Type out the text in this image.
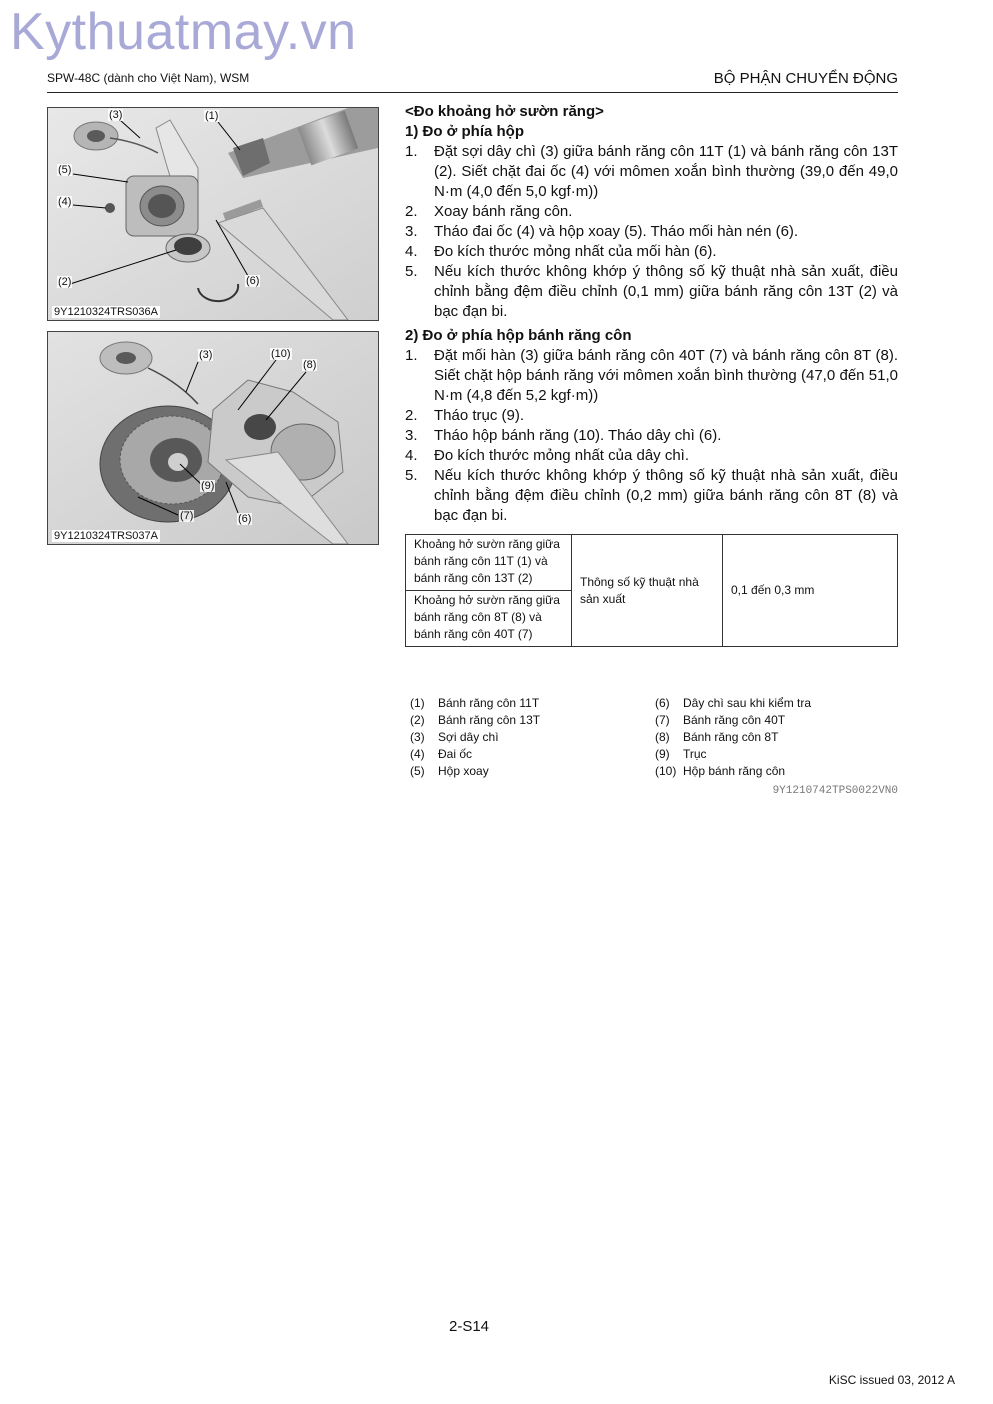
Kythuatmay.vn
SPW-48C (dành cho Việt Nam), WSM	BỘ PHẬN CHUYỂN ĐỘNG
(3)	(1)
(5)
(4)
(2)	(6)
9Y1210324TRS036A
(3)	(10)
(8)
(9)
(7)	(6)
9Y1210324TRS037A
<Đo khoảng hở sườn răng>
1) Đo ở phía hộp
1. Đặt sợi dây chì (3) giữa bánh răng côn 11T (1) và bánh răng côn 13T (2). Siết chặt đai ốc (4) với mômen xoắn bình thường (39,0 đến 49,0 N·m (4,0 đến 5,0 kgf·m))
2. Xoay bánh răng côn.
3. Tháo đai ốc (4) và hộp xoay (5). Tháo mối hàn nén (6).
4. Đo kích thước mỏng nhất của mối hàn (6).
5. Nếu kích thước không khớp ý thông số kỹ thuật nhà sản xuất, điều chỉnh bằng đệm điều chỉnh (0,1 mm) giữa bánh răng côn 13T (2) và bạc đạn bi.
2) Đo ở phía hộp bánh răng côn
1. Đặt mối hàn (3) giữa bánh răng côn 40T (7) và bánh răng côn 8T (8). Siết chặt hộp bánh răng với mômen xoắn bình thường (47,0 đến 51,0 N·m (4,8 đến 5,2 kgf·m))
2. Tháo trục (9).
3. Tháo hộp bánh răng (10). Tháo dây chì (6).
4. Đo kích thước mỏng nhất của dây chì.
5. Nếu kích thước không khớp ý thông số kỹ thuật nhà sản xuất, điều chỉnh bằng đệm điều chỉnh (0,2 mm) giữa bánh răng côn 8T (8) và bạc đạn bi.
Khoảng hở sườn răng giữa bánh răng côn 11T (1) và bánh răng côn 13T (2)	Thông số kỹ thuật nhà sản xuất	0,1 đến 0,3 mm
Khoảng hở sườn răng giữa bánh răng côn 8T (8) và bánh răng côn 40T (7)
(1) Bánh răng côn 11T
(2) Bánh răng côn 13T
(3) Sợi dây chì
(4) Đai ốc
(5) Hộp xoay
(6) Dây chì sau khi kiểm tra
(7) Bánh răng côn 40T
(8) Bánh răng côn 8T
(9) Trục
(10) Hộp bánh răng côn
9Y1210742TPS0022VN0
2-S14
KiSC issued 03, 2012 A
